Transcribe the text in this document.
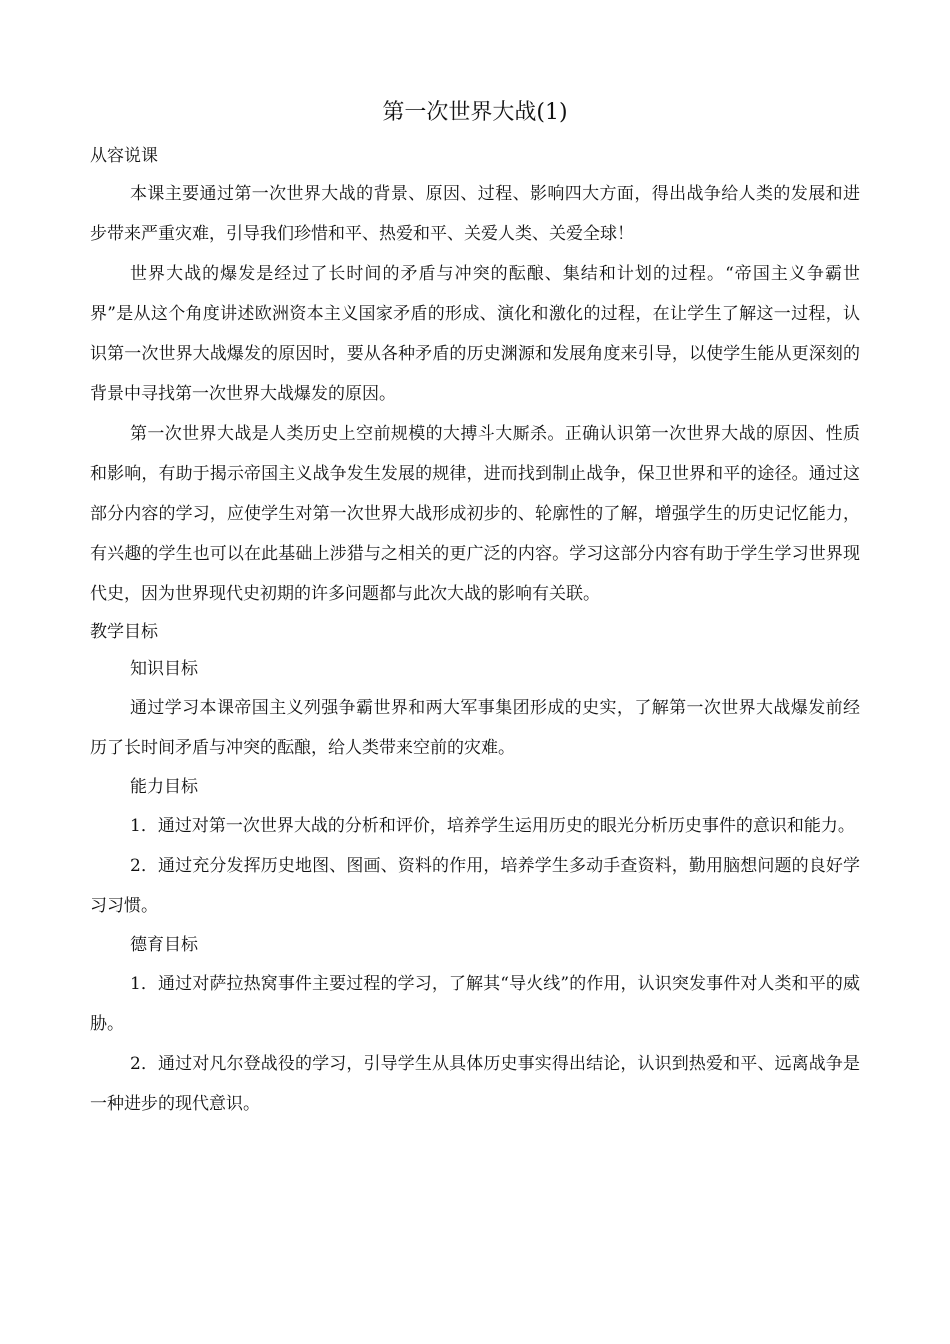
第一次世界大战(1)

从容说课

本课主要通过第一次世界大战的背景、原因、过程、影响四大方面，得出战争给人类的发展和进步带来严重灾难，引导我们珍惜和平、热爱和平、关爱人类、关爱全球！

世界大战的爆发是经过了长时间的矛盾与冲突的酝酿、集结和计划的过程。“帝国主义争霸世界”是从这个角度讲述欧洲资本主义国家矛盾的形成、演化和激化的过程，在让学生了解这一过程，认识第一次世界大战爆发的原因时，要从各种矛盾的历史渊源和发展角度来引导，以使学生能从更深刻的背景中寻找第一次世界大战爆发的原因。

第一次世界大战是人类历史上空前规模的大搏斗大厮杀。正确认识第一次世界大战的原因、性质和影响，有助于揭示帝国主义战争发生发展的规律，进而找到制止战争，保卫世界和平的途径。通过这部分内容的学习，应使学生对第一次世界大战形成初步的、轮廓性的了解，增强学生的历史记忆能力，有兴趣的学生也可以在此基础上涉猎与之相关的更广泛的内容。学习这部分内容有助于学生学习世界现代史，因为世界现代史初期的许多问题都与此次大战的影响有关联。

教学目标

知识目标

通过学习本课帝国主义列强争霸世界和两大军事集团形成的史实，了解第一次世界大战爆发前经历了长时间矛盾与冲突的酝酿，给人类带来空前的灾难。

能力目标

1．通过对第一次世界大战的分析和评价，培养学生运用历史的眼光分析历史事件的意识和能力。

2．通过充分发挥历史地图、图画、资料的作用，培养学生多动手查资料，勤用脑想问题的良好学习习惯。

德育目标

1．通过对萨拉热窝事件主要过程的学习，了解其“导火线”的作用，认识突发事件对人类和平的威胁。

2．通过对凡尔登战役的学习，引导学生从具体历史事实得出结论，认识到热爱和平、远离战争是一种进步的现代意识。
